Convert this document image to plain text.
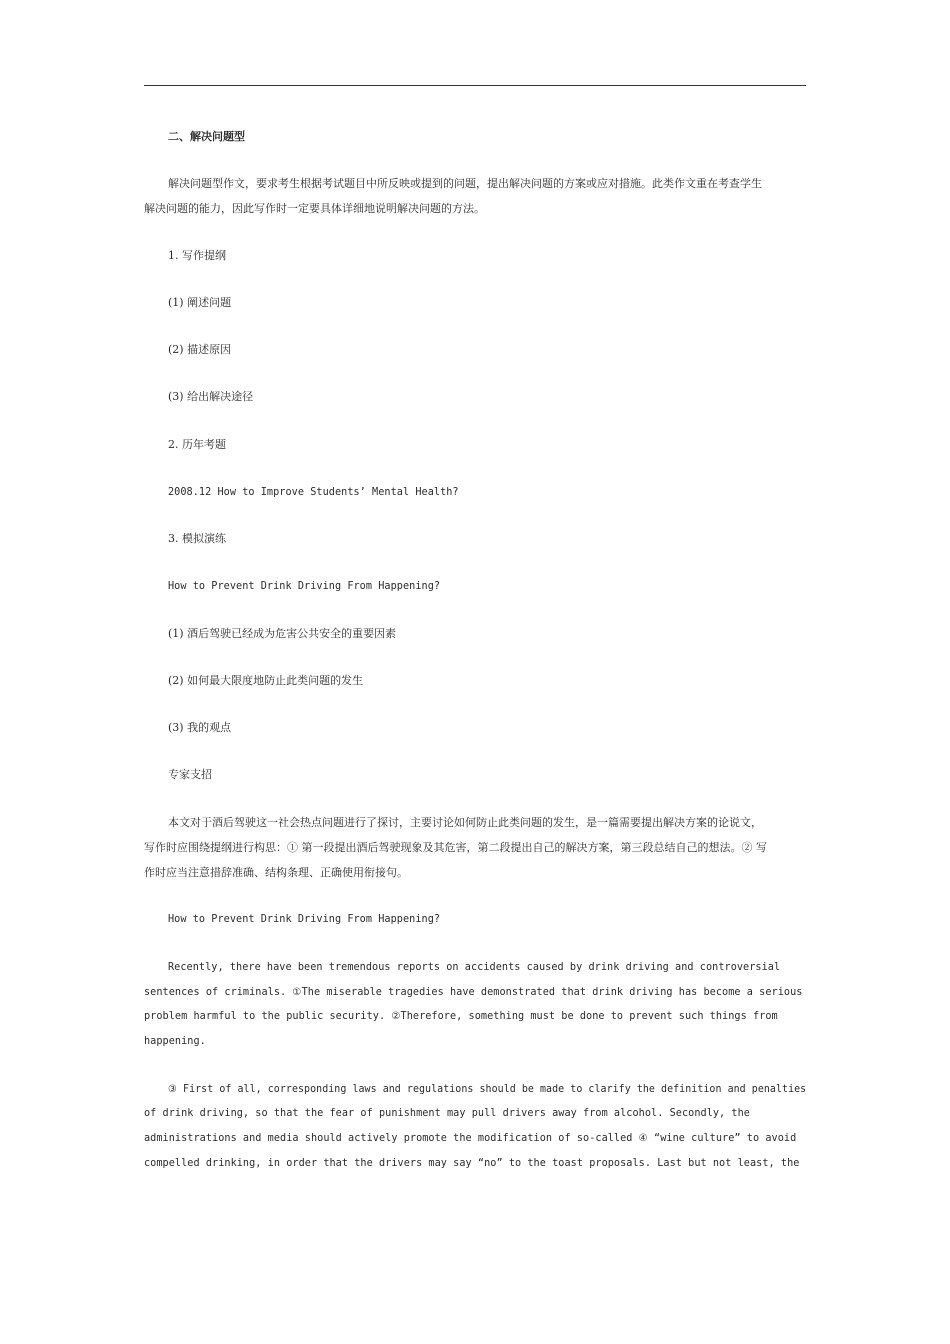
二、解决问题型
解决问题型作文，要求考生根据考试题目中所反映或提到的问题，提出解决问题的方案或应对措施。此类作文重在考查学生
解决问题的能力，因此写作时一定要具体详细地说明解决问题的方法。
1. 写作提纲
(1) 阐述问题
(2) 描述原因
(3) 给出解决途径
2. 历年考题
2008.12 How to Improve Students’ Mental Health?
3. 模拟演练
How to Prevent Drink Driving From Happening?
(1) 酒后驾驶已经成为危害公共安全的重要因素
(2) 如何最大限度地防止此类问题的发生
(3) 我的观点
专家支招
本文对于酒后驾驶这一社会热点问题进行了探讨，主要讨论如何防止此类问题的发生，是一篇需要提出解决方案的论说文，
写作时应围绕提纲进行构思：① 第一段提出酒后驾驶现象及其危害，第二段提出自己的解决方案，第三段总结自己的想法。② 写
作时应当注意措辞准确、结构条理、正确使用衔接句。
How to Prevent Drink Driving From Happening?
Recently, there have been tremendous reports on accidents caused by drink driving and controversial
sentences of criminals. ①The miserable tragedies have demonstrated that drink driving has become a serious
problem harmful to the public security. ②Therefore, something must be done to prevent such things from
happening.
③ First of all, corresponding laws and regulations should be made to clarify the definition and penalties
of drink driving, so that the fear of punishment may pull drivers away from alcohol. Secondly, the
administrations and media should actively promote the modification of so-called ④ “wine culture” to avoid
compelled drinking, in order that the drivers may say “no” to the toast proposals. Last but not least, the
